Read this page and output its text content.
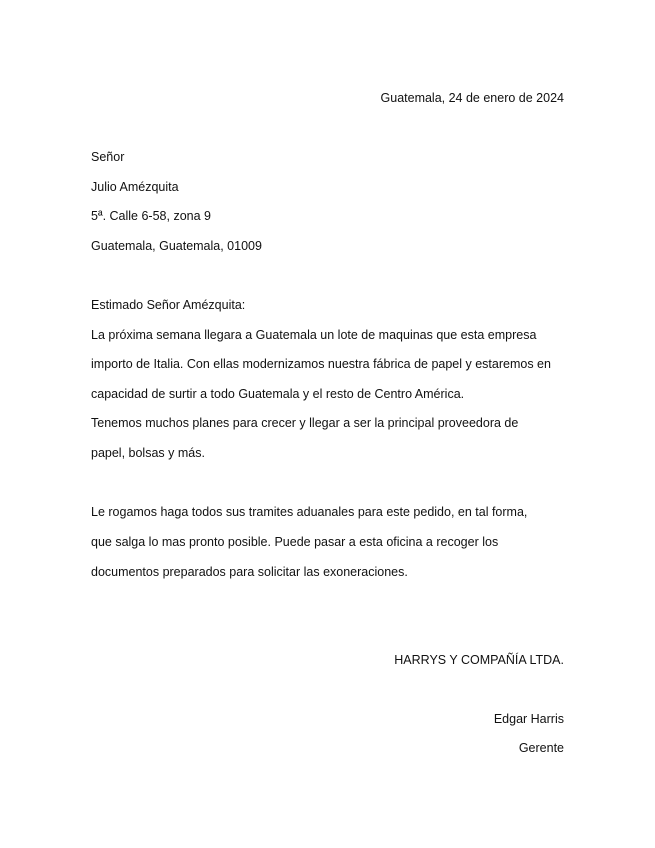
Guatemala, 24 de enero de 2024
Señor
Julio Amézquita
5ª. Calle 6-58, zona 9
Guatemala, Guatemala, 01009
Estimado Señor Amézquita:
La próxima semana llegara a Guatemala un lote de maquinas que esta empresa
importo de Italia. Con ellas modernizamos nuestra fábrica de papel y estaremos en
capacidad de surtir a todo Guatemala y el resto de Centro América.
Tenemos muchos planes para crecer y llegar a ser la principal proveedora de
papel, bolsas y más.
Le rogamos haga todos sus tramites aduanales para este pedido, en tal forma,
que salga lo mas pronto posible. Puede pasar a esta oficina a recoger los
documentos preparados para solicitar las exoneraciones.
HARRYS Y COMPAÑÍA LTDA.
Edgar Harris
Gerente
